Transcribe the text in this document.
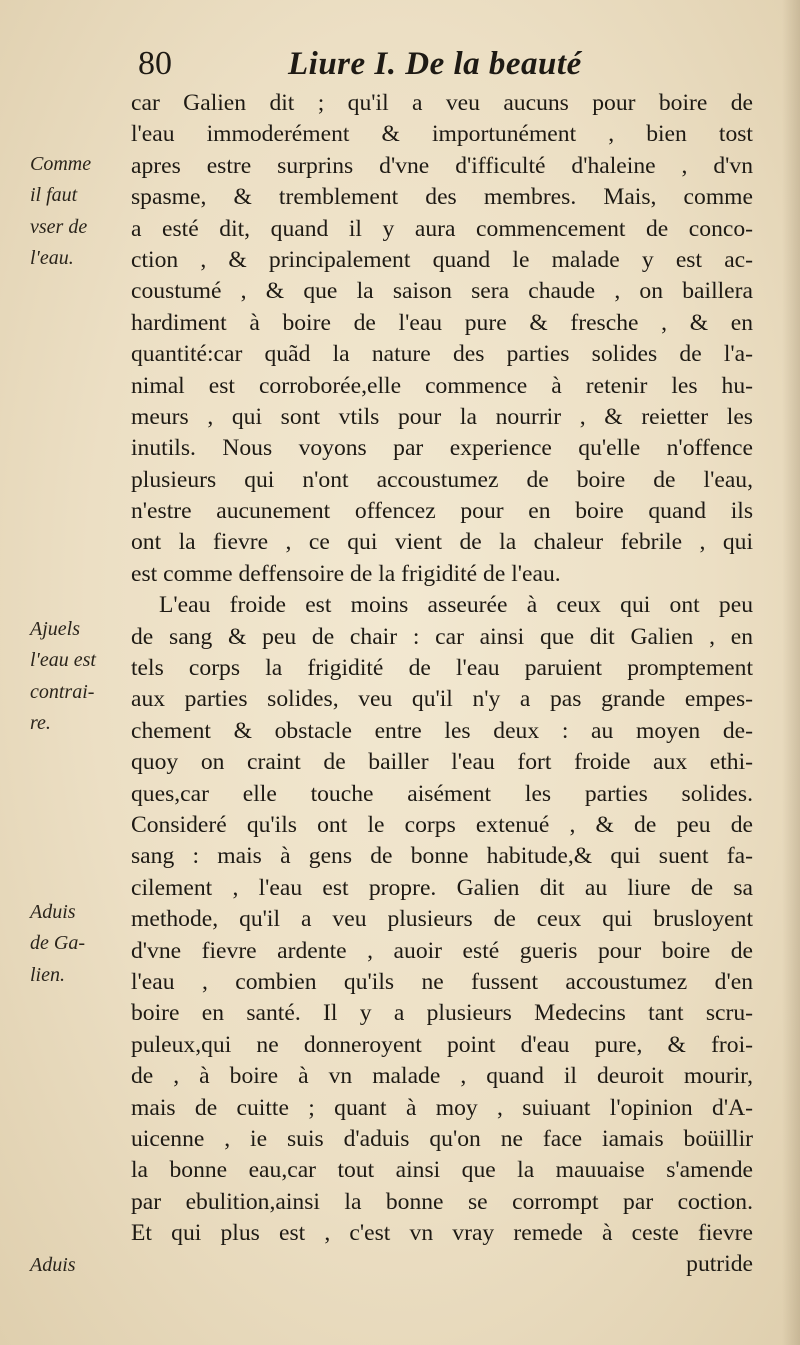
80	Liure I. De la beauté
Comme
il faut
vser de
l'eau.
Ajuels
l'eau est
contrai-
re.
Aduis
de Ga-
lien.
Aduis
car Galien dit ; qu'il a veu aucuns pour boire de
l'eau immoderément & importunément , bien tost
apres estre surprins d'vne d'ifficulté d'haleine , d'vn
spasme, & tremblement des membres. Mais, comme
a esté dit, quand il y aura commencement de conco-
ction , & principalement quand le malade y est ac-
coustumé , & que la saison sera chaude , on baillera
hardiment à boire de l'eau pure & fresche , & en
quantité:car quãd la nature des parties solides de l'a-
nimal est corroborée,elle commence à retenir les hu-
meurs , qui sont vtils pour la nourrir , & reietter les
inutils. Nous voyons par experience qu'elle n'offence
plusieurs qui n'ont accoustumez de boire de l'eau,
n'estre aucunement offencez pour en boire quand ils
ont la fievre , ce qui vient de la chaleur febrile , qui
est comme deffensoire de la frigidité de l'eau.
L'eau froide est moins asseurée à ceux qui ont peu
de sang & peu de chair : car ainsi que dit Galien , en
tels corps la frigidité de l'eau paruient promptement
aux parties solides, veu qu'il n'y a pas grande empes-
chement & obstacle entre les deux : au moyen de-
quoy on craint de bailler l'eau fort froide aux ethi-
ques,car elle touche aisément les parties solides.
Consideré qu'ils ont le corps extenué , & de peu de
sang : mais à gens de bonne habitude,& qui suent fa-
cilement , l'eau est propre. Galien dit au liure de sa
methode, qu'il a veu plusieurs de ceux qui brusloyent
d'vne fievre ardente , auoir esté gueris pour boire de
l'eau , combien qu'ils ne fussent accoustumez d'en
boire en santé. Il y a plusieurs Medecins tant scru-
puleux,qui ne donneroyent point d'eau pure, & froi-
de , à boire à vn malade , quand il deuroit mourir,
mais de cuitte ; quant à moy , suiuant l'opinion d'A-
uicenne , ie suis d'aduis qu'on ne face iamais boüillir
la bonne eau,car tout ainsi que la mauuaise s'amende
par ebulition,ainsi la bonne se corrompt par coction.
Et qui plus est , c'est vn vray remede à ceste fievre
putride
